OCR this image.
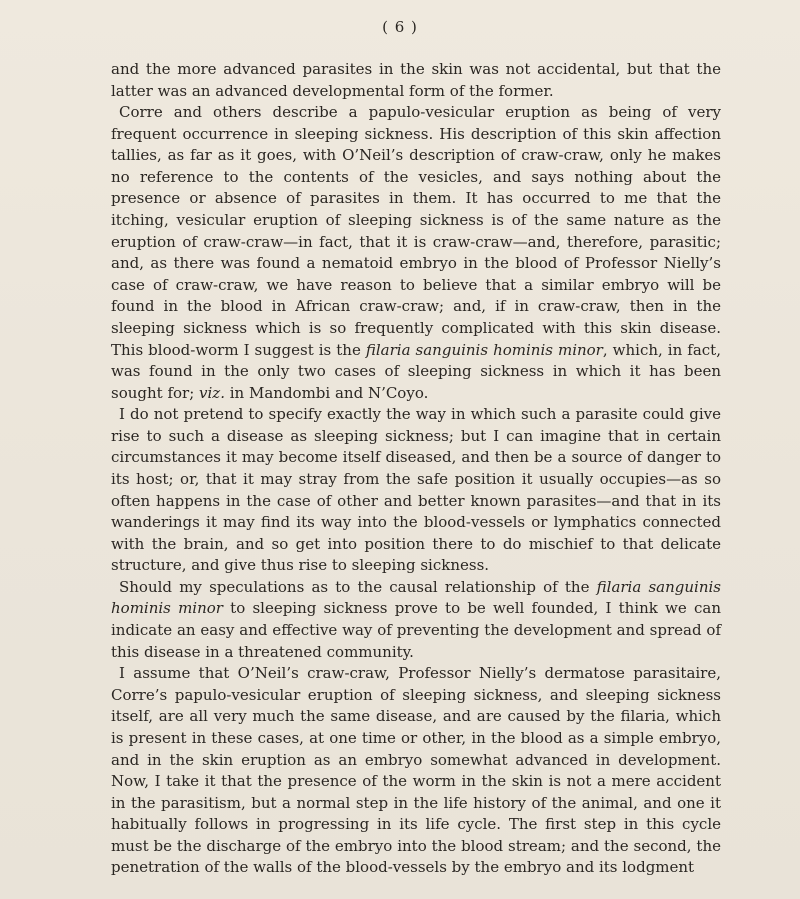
( 6 )

and the more advanced parasites in the skin was not accidental, but that the latter was an advanced developmental form of the former.

Corre and others describe a papulo-vesicular eruption as being of very frequent occurrence in sleeping sickness. His description of this skin affection tallies, as far as it goes, with O’Neil’s description of craw-craw, only he makes no reference to the contents of the vesicles, and says nothing about the presence or absence of parasites in them. It has occurred to me that the itching, vesicular eruption of sleeping sickness is of the same nature as the eruption of craw-craw—in fact, that it is craw-craw—and, therefore, parasitic; and, as there was found a nematoid embryo in the blood of Professor Nielly’s case of craw-craw, we have reason to believe that a similar embryo will be found in the blood in African craw-craw; and, if in craw-craw, then in the sleeping sickness which is so frequently complicated with this skin disease. This blood-worm I suggest is the filaria sanguinis hominis minor, which, in fact, was found in the only two cases of sleeping sickness in which it has been sought for; viz. in Mandombi and N’Coyo.

I do not pretend to specify exactly the way in which such a parasite could give rise to such a disease as sleeping sickness; but I can imagine that in certain circumstances it may become itself diseased, and then be a source of danger to its host; or, that it may stray from the safe position it usually occupies—as so often happens in the case of other and better known parasites—and that in its wanderings it may find its way into the blood-vessels or lymphatics connected with the brain, and so get into position there to do mischief to that delicate structure, and give thus rise to sleeping sickness.

Should my speculations as to the causal relationship of the filaria sanguinis hominis minor to sleeping sickness prove to be well founded, I think we can indicate an easy and effective way of preventing the development and spread of this disease in a threatened community.

I assume that O’Neil’s craw-craw, Professor Nielly’s dermatose parasitaire, Corre’s papulo-vesicular eruption of sleeping sickness, and sleeping sickness itself, are all very much the same disease, and are caused by the filaria, which is present in these cases, at one time or other, in the blood as a simple embryo, and in the skin eruption as an embryo somewhat advanced in development. Now, I take it that the presence of the worm in the skin is not a mere accident in the parasitism, but a normal step in the life history of the animal, and one it habitually follows in progressing in its life cycle. The first step in this cycle must be the discharge of the embryo into the blood stream; and the second, the penetration of the walls of the blood-vessels by the embryo and its lodgment
